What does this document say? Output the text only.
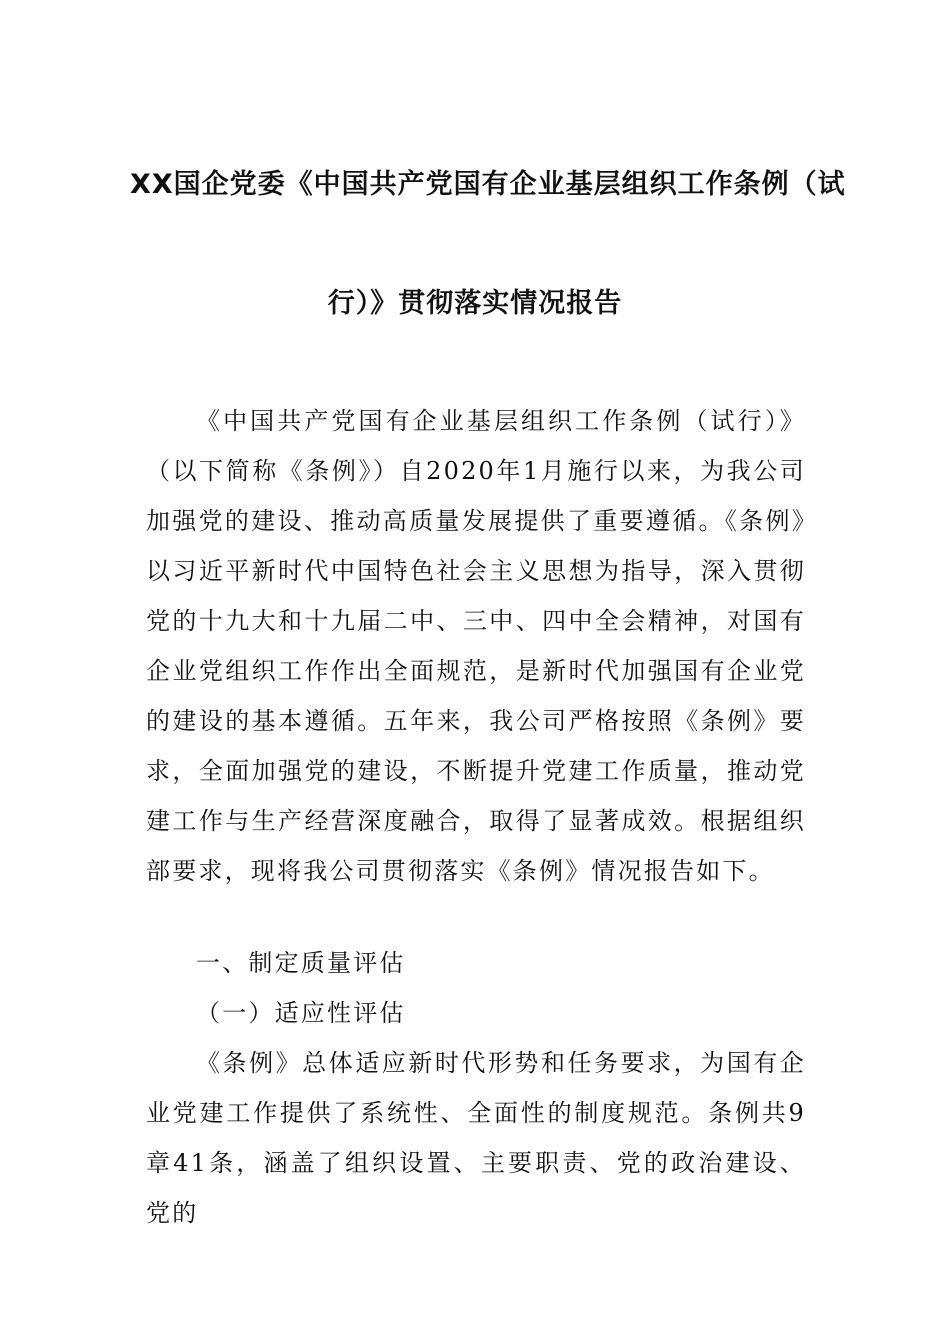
XX国企党委《中国共产党国有企业基层组织工作条例（试
行）》贯彻落实情况报告

《中国共产党国有企业基层组织工作条例（试行）》（以下简称《条例》）自2020年1月施行以来，为我公司加强党的建设、推动高质量发展提供了重要遵循。《条例》以习近平新时代中国特色社会主义思想为指导，深入贯彻党的十九大和十九届二中、三中、四中全会精神，对国有企业党组织工作作出全面规范，是新时代加强国有企业党的建设的基本遵循。五年来，我公司严格按照《条例》要求，全面加强党的建设，不断提升党建工作质量，推动党建工作与生产经营深度融合，取得了显著成效。根据组织部要求，现将我公司贯彻落实《条例》情况报告如下。

一、制定质量评估

（一）适应性评估

《条例》总体适应新时代形势和任务要求，为国有企业党建工作提供了系统性、全面性的制度规范。条例共9章41条，涵盖了组织设置、主要职责、党的政治建设、党的
